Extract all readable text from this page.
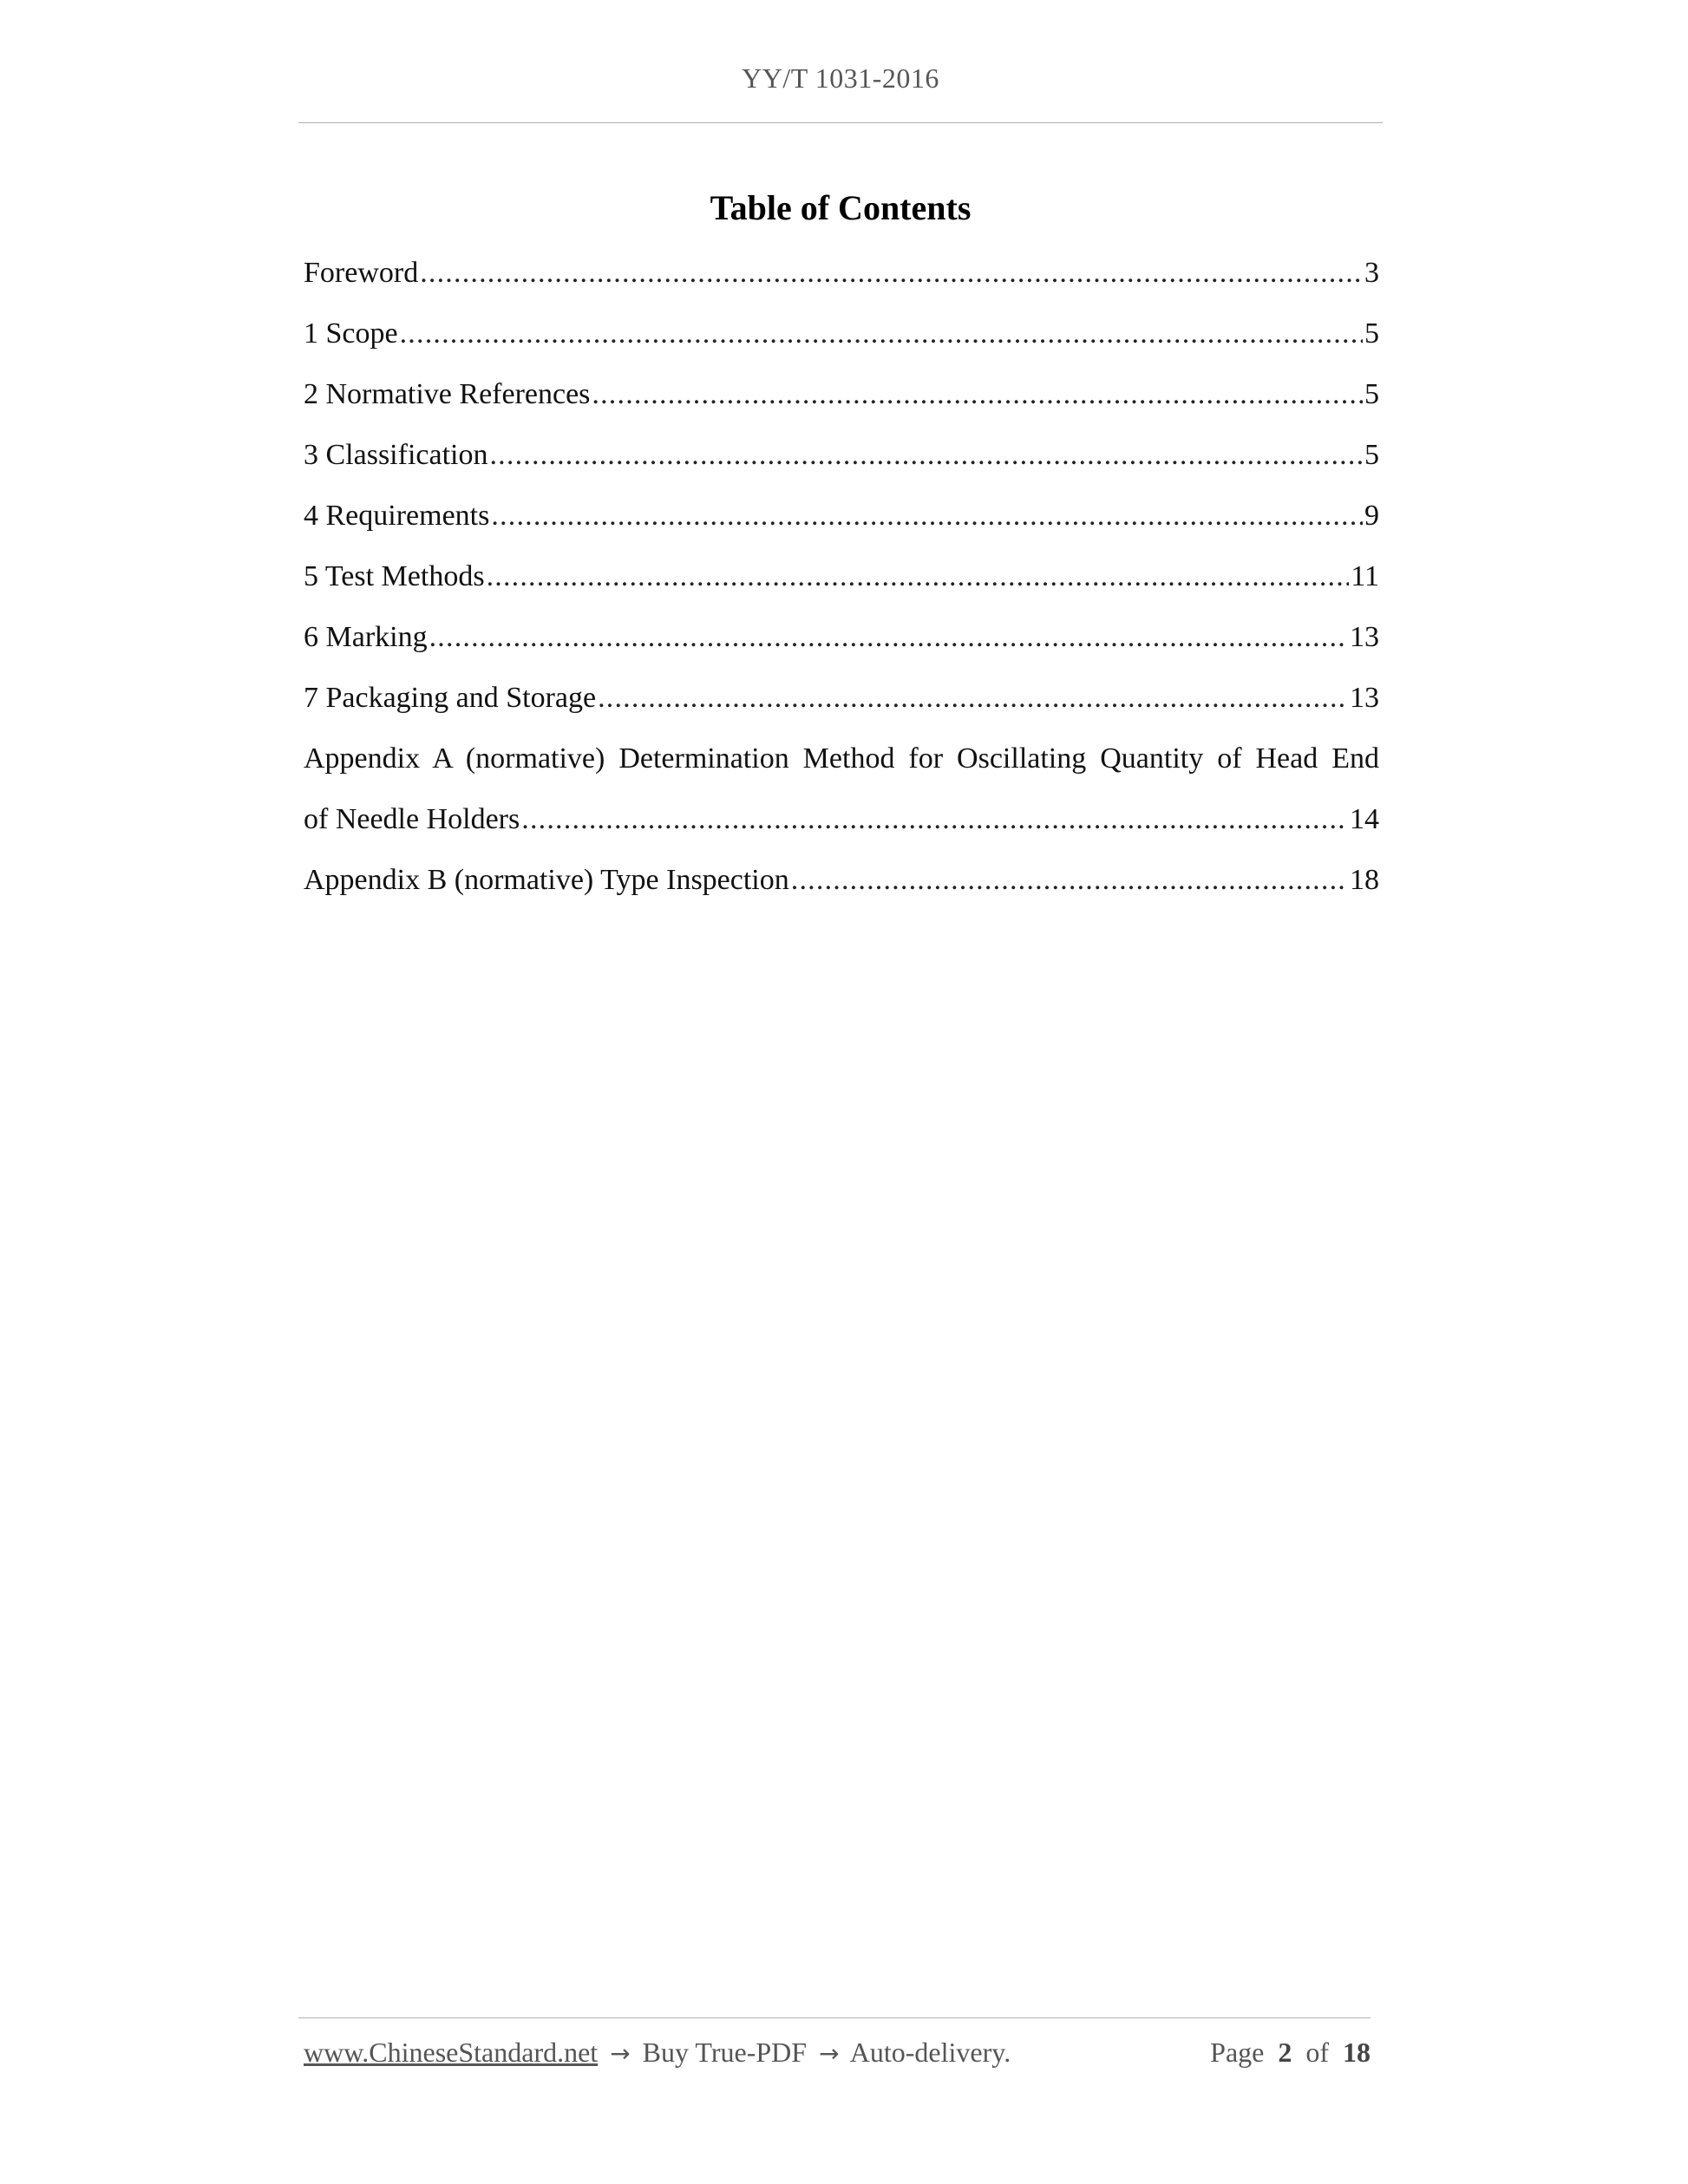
YY/T 1031-2016
Table of Contents
Foreword .....	3
1 Scope .....	5
2 Normative References .....	5
3 Classification .....	5
4 Requirements .....	9
5 Test Methods .....	11
6 Marking .....	13
7 Packaging and Storage .....	13
Appendix A (normative) Determination Method for Oscillating Quantity of Head End
of Needle Holders .....	14
Appendix B (normative) Type Inspection .....	18
www.ChineseStandard.net → Buy True-PDF → Auto-delivery.	Page 2 of 18
